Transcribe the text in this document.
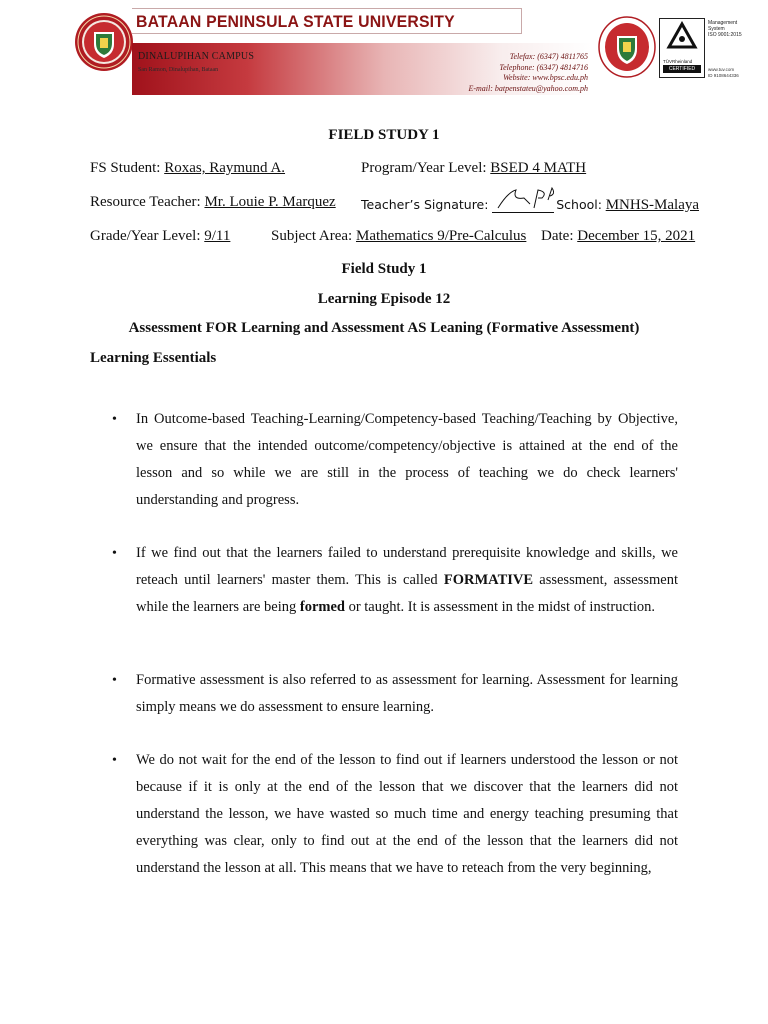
BATAAN PENINSULA STATE UNIVERSITY
DINALUPIHAN CAMPUS
San Ramon, Dinalupihan, Bataan
Telefax: (6347) 4811765
Telephone: (6347) 4814716
Website: www.bpsc.edu.ph
E-mail: batpenstateu@yahoo.com.ph
TÜVRheinland
CERTIFIED
Management
System
ISO 9001:2015
www.tuv.com
ID 9108644336
FIELD STUDY 1
FS Student: Roxas, Raymund A.	Program/Year Level: BSED 4 MATH
Resource Teacher: Mr. Louie P. Marquez Teacher’s Signature:	School: MNHS-Malaya
Grade/Year Level: 9/11	Subject Area: Mathematics 9/Pre-Calculus Date: December 15, 2021
Field Study 1
Learning Episode 12
Assessment FOR Learning and Assessment AS Leaning (Formative Assessment)
Learning Essentials
• In Outcome-based Teaching-Learning/Competency-based Teaching/Teaching by Objective, we ensure that the intended outcome/competency/objective is attained at the end of the lesson and so while we are still in the process of teaching we do check learners' understanding and progress.
• If we find out that the learners failed to understand prerequisite knowledge and skills, we reteach until learners' master them. This is called FORMATIVE assessment, assessment while the learners are being formed or taught. It is assessment in the midst of instruction.
• Formative assessment is also referred to as assessment for learning. Assessment for learning simply means we do assessment to ensure learning.
• We do not wait for the end of the lesson to find out if learners understood the lesson or not because if it is only at the end of the lesson that we discover that the learners did not understand the lesson, we have wasted so much time and energy teaching presuming that everything was clear, only to find out at the end of the lesson that the learners did not understand the lesson at all. This means that we have to reteach from the very beginning,
